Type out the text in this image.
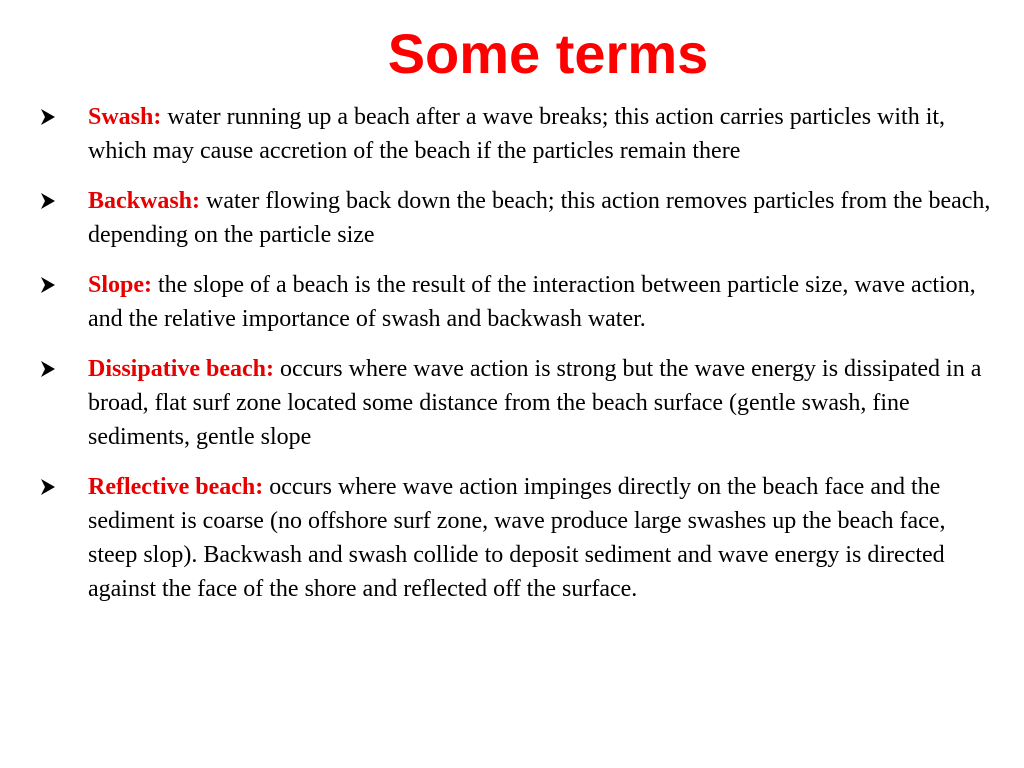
Some terms
Swash: water running up a beach after a wave breaks; this action carries particles with it, which may cause accretion of the beach if the particles remain there
Backwash: water flowing back down the beach; this action removes particles from the beach, depending on the particle size
Slope: the slope of a beach is the result of the interaction between particle size, wave action, and the relative importance of swash and backwash water.
Dissipative beach: occurs where wave action is strong but the wave energy is dissipated in a broad, flat surf zone located some distance from the beach surface (gentle swash, fine sediments, gentle slope
Reflective beach: occurs where wave action impinges directly on the beach face and the sediment is coarse (no offshore surf zone, wave produce large swashes up the beach face, steep slop). Backwash and swash collide to deposit sediment and wave energy is directed against the face of the shore and reflected off the surface.
